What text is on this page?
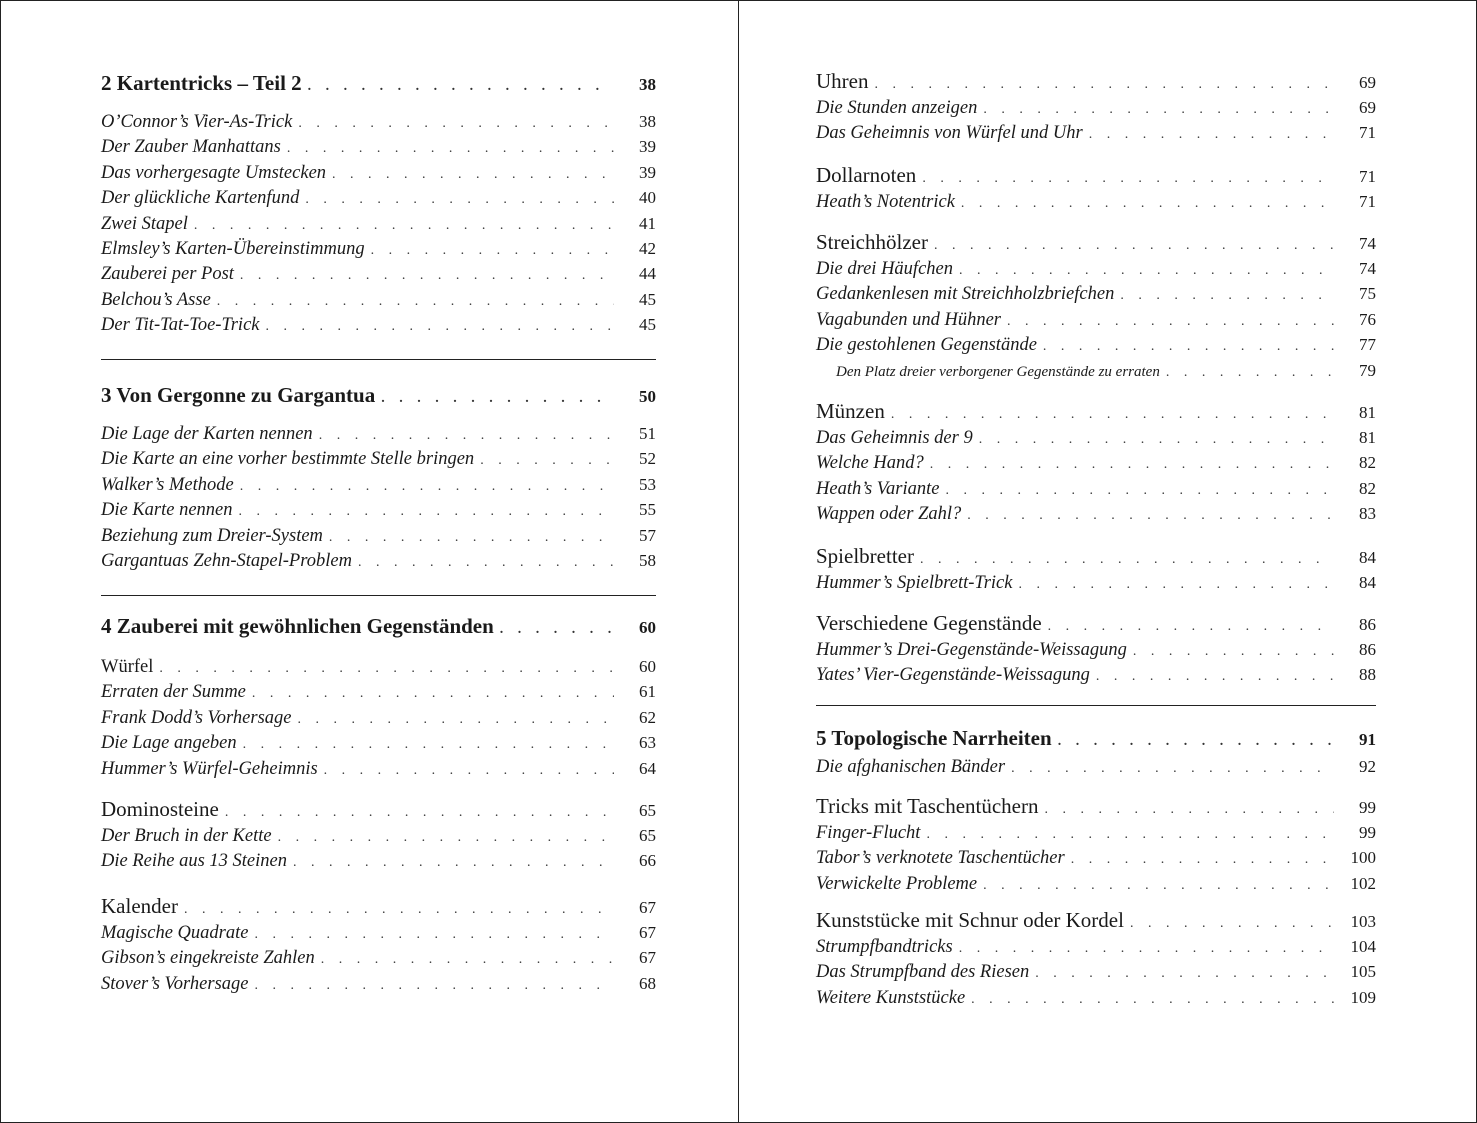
2 Kartentricks – Teil 2 . . .	38
O’Connor’s Vier-As-Trick . . .	38
Der Zauber Manhattans . . .	39
Das vorhergesagte Umstecken . . .	39
Der glückliche Kartenfund . . .	40
Zwei Stapel . . .	41
Elmsley’s Karten-Übereinstimmung . . .	42
Zauberei per Post . . .	44
Belchou’s Asse . . .	45
Der Tit-Tat-Toe-Trick . . .	45
3 Von Gergonne zu Gargantua . . .	50
Die Lage der Karten nennen . . .	51
Die Karte an eine vorher bestimmte Stelle bringen . . .	52
Walker’s Methode . . .	53
Die Karte nennen . . .	55
Beziehung zum Dreier-System . . .	57
Gargantuas Zehn-Stapel-Problem . . .	58
4 Zauberei mit gewöhnlichen Gegenständen . . .	60
Würfel . . .	60
Erraten der Summe . . .	61
Frank Dodd’s Vorhersage . . .	62
Die Lage angeben . . .	63
Hummer’s Würfel-Geheimnis . . .	64
Dominosteine . . .	65
Der Bruch in der Kette . . .	65
Die Reihe aus 13 Steinen . . .	66
Kalender . . .	67
Magische Quadrate . . .	67
Gibson’s eingekreiste Zahlen . . .	67
Stover’s Vorhersage . . .	68
Uhren . . .	69
Die Stunden anzeigen . . .	69
Das Geheimnis von Würfel und Uhr . . .	71
Dollarnoten . . .	71
Heath’s Notentrick . . .	71
Streichhölzer . . .	74
Die drei Häufchen . . .	74
Gedankenlesen mit Streichholzbriefchen . . .	75
Vagabunden und Hühner . . .	76
Die gestohlenen Gegenstände . . .	77
Den Platz dreier verborgener Gegenstände zu erraten . . .	79
Münzen . . .	81
Das Geheimnis der 9 . . .	81
Welche Hand? . . .	82
Heath’s Variante . . .	82
Wappen oder Zahl? . . .	83
Spielbretter . . .	84
Hummer’s Spielbrett-Trick . . .	84
Verschiedene Gegenstände . . .	86
Hummer’s Drei-Gegenstände-Weissagung . . .	86
Yates’ Vier-Gegenstände-Weissagung . . .	88
5 Topologische Narrheiten . . .	91
Die afghanischen Bänder . . .	92
Tricks mit Taschentüchern . . .	99
Finger-Flucht . . .	99
Tabor’s verknotete Taschentücher . . .	100
Verwickelte Probleme . . .	102
Kunststücke mit Schnur oder Kordel . . .	103
Strumpfbandtricks . . .	104
Das Strumpfband des Riesen . . .	105
Weitere Kunststücke . . .	109
